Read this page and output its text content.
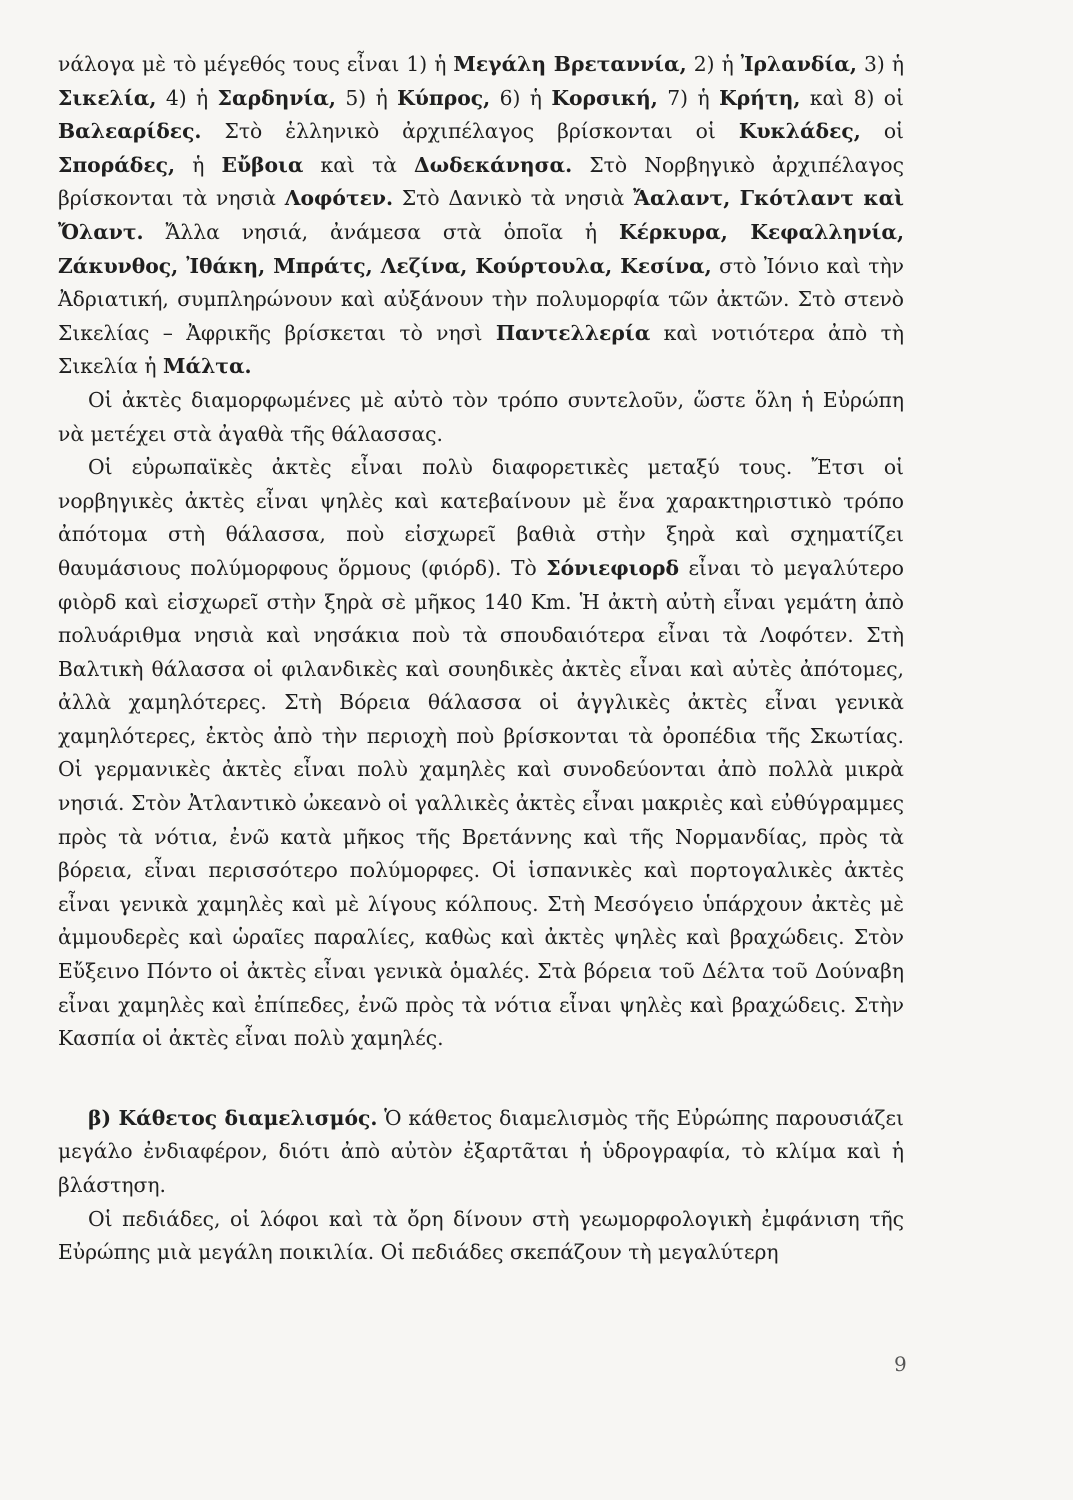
νάλογα μὲ τὸ μέγεθός τους εἶναι 1) ἡ Μεγάλη Βρεταννία, 2) ἡ Ἰρλανδία, 3) ἡ Σικελία, 4) ἡ Σαρδηνία, 5) ἡ Κύπρος, 6) ἡ Κορσική, 7) ἡ Κρήτη, καὶ 8) οἱ Βαλεαρίδες. Στὸ ἑλληνικὸ ἀρχιπέλαγος βρίσκονται οἱ Κυκλάδες, οἱ Σποράδες, ἡ Εὔβοια καὶ τὰ Δωδεκάνησα. Στὸ Νορβηγικὸ ἀρχιπέλαγος βρίσκονται τὰ νησιὰ Λοφότεν. Στὸ Δανικὸ τὰ νησιὰ Ἄαλαντ, Γκότλαντ καὶ Ὄλαντ. Ἄλλα νησιά, ἀνάμεσα στὰ ὁποῖα ἡ Κέρκυρα, Κεφαλληνία, Ζάκυνθος, Ἰθάκη, Μπράτς, Λεζίνα, Κούρτουλα, Κεσίνα, στὸ Ἰόνιο καὶ τὴν Ἀδριατική, συμπληρώνουν καὶ αὐξάνουν τὴν πολυμορφία τῶν ἀκτῶν. Στὸ στενὸ Σικελίας – Ἀφρικῆς βρίσκεται τὸ νησὶ Παντελλερία καὶ νοτιότερα ἀπὸ τὴ Σικελία ἡ Μάλτα.

Οἱ ἀκτὲς διαμορφωμένες μὲ αὐτὸ τὸν τρόπο συντελοῦν, ὥστε ὅλη ἡ Εὐρώπη νὰ μετέχει στὰ ἀγαθὰ τῆς θάλασσας.

Οἱ εὐρωπαϊκὲς ἀκτὲς εἶναι πολὺ διαφορετικὲς μεταξύ τους. Ἔτσι οἱ νορβηγικὲς ἀκτὲς εἶναι ψηλὲς καὶ κατεβαίνουν μὲ ἕνα χαρακτηριστικὸ τρόπο ἀπότομα στὴ θάλασσα, ποὺ εἰσχωρεῖ βαθιὰ στὴν ξηρὰ καὶ σχηματίζει θαυμάσιους πολύμορφους ὅρμους (φιόρδ). Τὸ Σόνιεφιορδ εἶναι τὸ μεγαλύτερο φιὸρδ καὶ εἰσχωρεῖ στὴν ξηρὰ σὲ μῆκος 140 Km. Ἡ ἀκτὴ αὐτὴ εἶναι γεμάτη ἀπὸ πολυάριθμα νησιὰ καὶ νησάκια ποὺ τὰ σπουδαιότερα εἶναι τὰ Λοφότεν. Στὴ Βαλτικὴ θάλασσα οἱ φιλανδικὲς καὶ σουηδικὲς ἀκτὲς εἶναι καὶ αὐτὲς ἀπότομες, ἀλλὰ χαμηλότερες. Στὴ Βόρεια θάλασσα οἱ ἀγγλικὲς ἀκτὲς εἶναι γενικὰ χαμηλότερες, ἐκτὸς ἀπὸ τὴν περιοχὴ ποὺ βρίσκονται τὰ ὀροπέδια τῆς Σκωτίας. Οἱ γερμανικὲς ἀκτὲς εἶναι πολὺ χαμηλὲς καὶ συνοδεύονται ἀπὸ πολλὰ μικρὰ νησιά. Στὸν Ἀτλαντικὸ ὠκεανὸ οἱ γαλλικὲς ἀκτὲς εἶναι μακριὲς καὶ εὐθύγραμμες πρὸς τὰ νότια, ἐνῶ κατὰ μῆκος τῆς Βρετάννης καὶ τῆς Νορμανδίας, πρὸς τὰ βόρεια, εἶναι περισσότερο πολύμορφες. Οἱ ἱσπανικὲς καὶ πορτογαλικὲς ἀκτὲς εἶναι γενικὰ χαμηλὲς καὶ μὲ λίγους κόλπους. Στὴ Μεσόγειο ὑπάρχουν ἀκτὲς μὲ ἀμμουδερὲς καὶ ὡραῖες παραλίες, καθὼς καὶ ἀκτὲς ψηλὲς καὶ βραχώδεις. Στὸν Εὔξεινο Πόντο οἱ ἀκτὲς εἶναι γενικὰ ὁμαλές. Στὰ βόρεια τοῦ Δέλτα τοῦ Δούναβη εἶναι χαμηλὲς καὶ ἐπίπεδες, ἐνῶ πρὸς τὰ νότια εἶναι ψηλὲς καὶ βραχώδεις. Στὴν Κασπία οἱ ἀκτὲς εἶναι πολὺ χαμηλές.

β) Κάθετος διαμελισμός. Ὁ κάθετος διαμελισμὸς τῆς Εὐρώπης παρουσιάζει μεγάλο ἐνδιαφέρον, διότι ἀπὸ αὐτὸν ἐξαρτᾶται ἡ ὑδρογραφία, τὸ κλίμα καὶ ἡ βλάστηση.

Οἱ πεδιάδες, οἱ λόφοι καὶ τὰ ὄρη δίνουν στὴ γεωμορφολογικὴ ἐμφάνιση τῆς Εὐρώπης μιὰ μεγάλη ποικιλία. Οἱ πεδιάδες σκεπάζουν τὴ μεγαλύτερη

9
